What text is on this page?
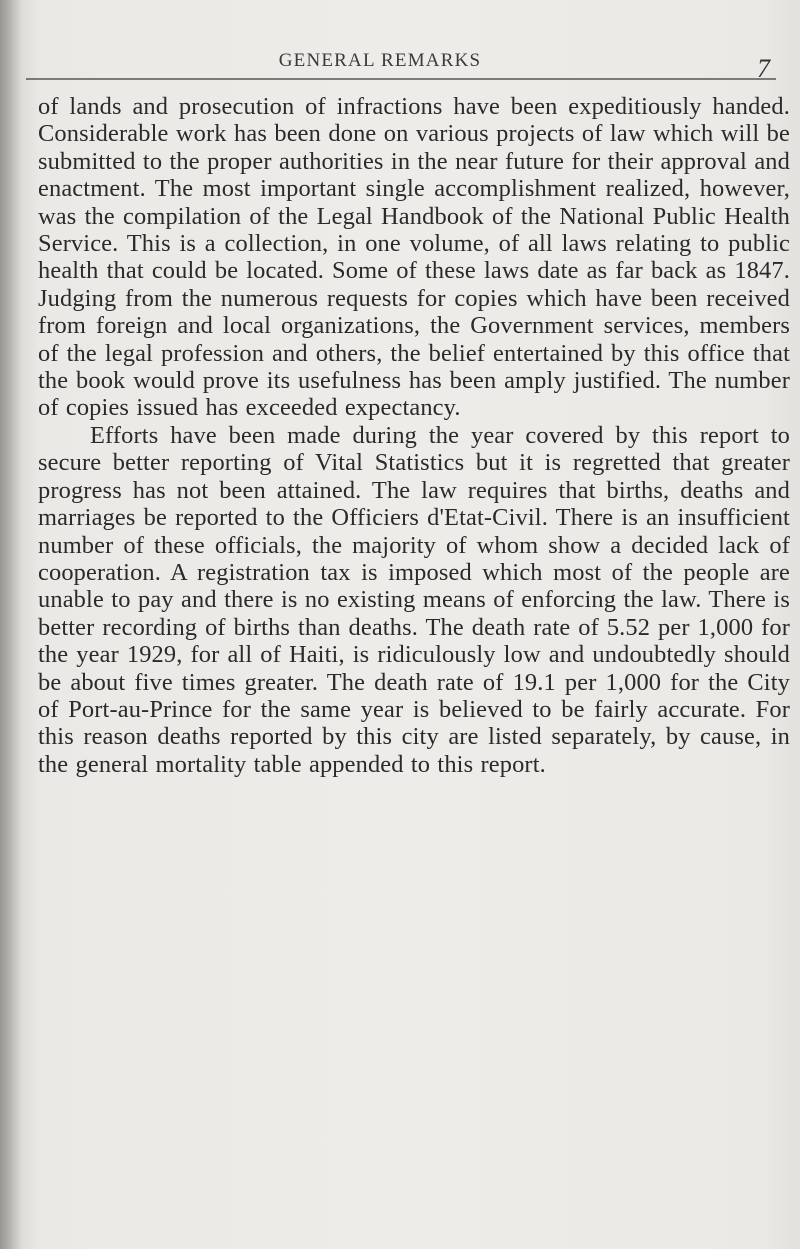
GENERAL REMARKS	7

of lands and prosecution of infractions have been expeditiously handed. Considerable work has been done on various projects of law which will be submitted to the proper authorities in the near future for their approval and enactment. The most important single accomplishment realized, however, was the compilation of the Legal Handbook of the National Public Health Service. This is a collection, in one volume, of all laws relating to public health that could be located. Some of these laws date as far back as 1847. Judging from the numerous requests for copies which have been received from foreign and local organizations, the Government services, members of the legal profession and others, the belief entertained by this office that the book would prove its usefulness has been amply justified. The number of copies issued has exceeded expectancy.

Efforts have been made during the year covered by this report to secure better reporting of Vital Statistics but it is regretted that greater progress has not been attained. The law requires that births, deaths and marriages be reported to the Officiers d'Etat-Civil. There is an insufficient number of these officials, the majority of whom show a decided lack of cooperation. A registration tax is imposed which most of the people are unable to pay and there is no existing means of enforcing the law. There is better recording of births than deaths. The death rate of 5.52 per 1,000 for the year 1929, for all of Haiti, is ridiculously low and undoubtedly should be about five times greater. The death rate of 19.1 per 1,000 for the City of Port-au-Prince for the same year is believed to be fairly accurate. For this reason deaths reported by this city are listed separately, by cause, in the general mortality table appended to this report.
